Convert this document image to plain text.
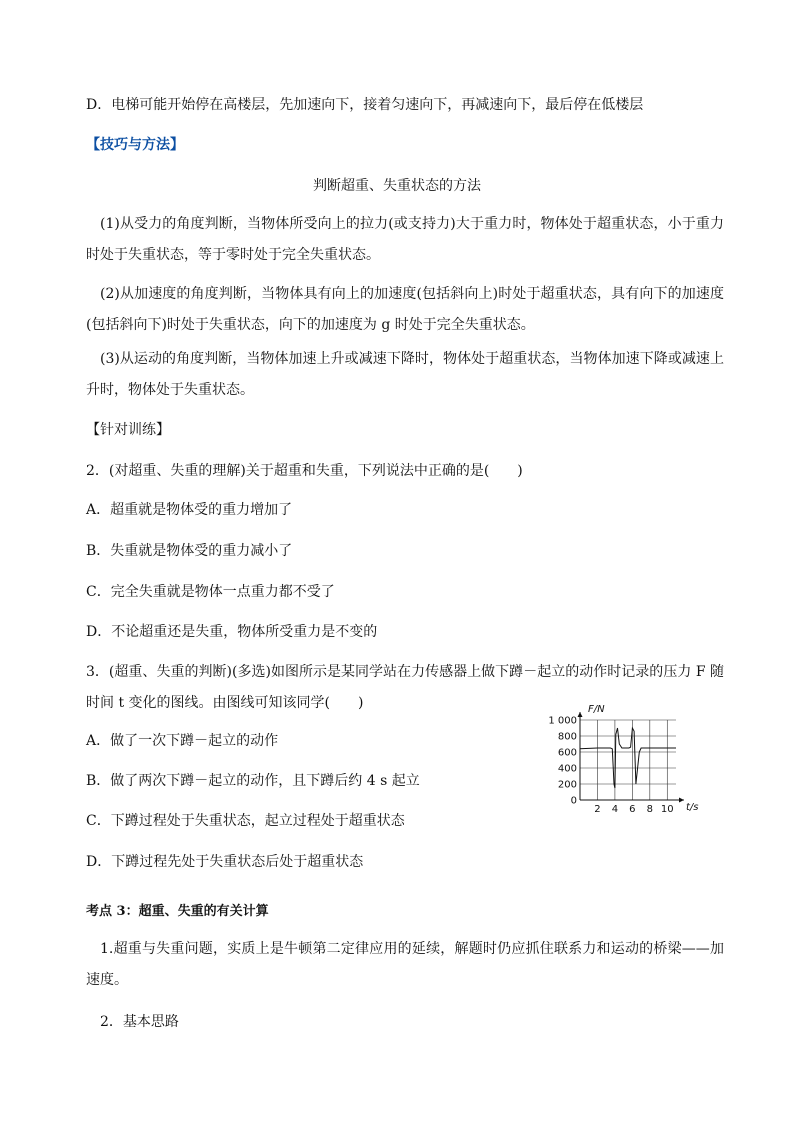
D．电梯可能开始停在高楼层，先加速向下，接着匀速向下，再减速向下，最后停在低楼层
【技巧与方法】
判断超重、失重状态的方法
(1)从受力的角度判断，当物体所受向上的拉力(或支持力)大于重力时，物体处于超重状态，小于重力时处于失重状态，等于零时处于完全失重状态。
(2)从加速度的角度判断，当物体具有向上的加速度(包括斜向上)时处于超重状态，具有向下的加速度(包括斜向下)时处于失重状态，向下的加速度为 g 时处于完全失重状态。
(3)从运动的角度判断，当物体加速上升或减速下降时，物体处于超重状态，当物体加速下降或减速上升时，物体处于失重状态。
【针对训练】
2．(对超重、失重的理解)关于超重和失重，下列说法中正确的是(　　)
A．超重就是物体受的重力增加了
B．失重就是物体受的重力减小了
C．完全失重就是物体一点重力都不受了
D．不论超重还是失重，物体所受重力是不变的
3．(超重、失重的判断)(多选)如图所示是某同学站在力传感器上做下蹲－起立的动作时记录的压力 F 随时间 t 变化的图线。由图线可知该同学(　　)
A．做了一次下蹲－起立的动作
B．做了两次下蹲－起立的动作，且下蹲后约 4 s 起立
C．下蹲过程处于失重状态，起立过程处于超重状态
D．下蹲过程先处于失重状态后处于超重状态
1 000
800
600
400
200
0
2 4 6 8 10
F/N
t/s
考点 3：超重、失重的有关计算
1.超重与失重问题，实质上是牛顿第二定律应用的延续，解题时仍应抓住联系力和运动的桥梁——加速度。
2．基本思路
